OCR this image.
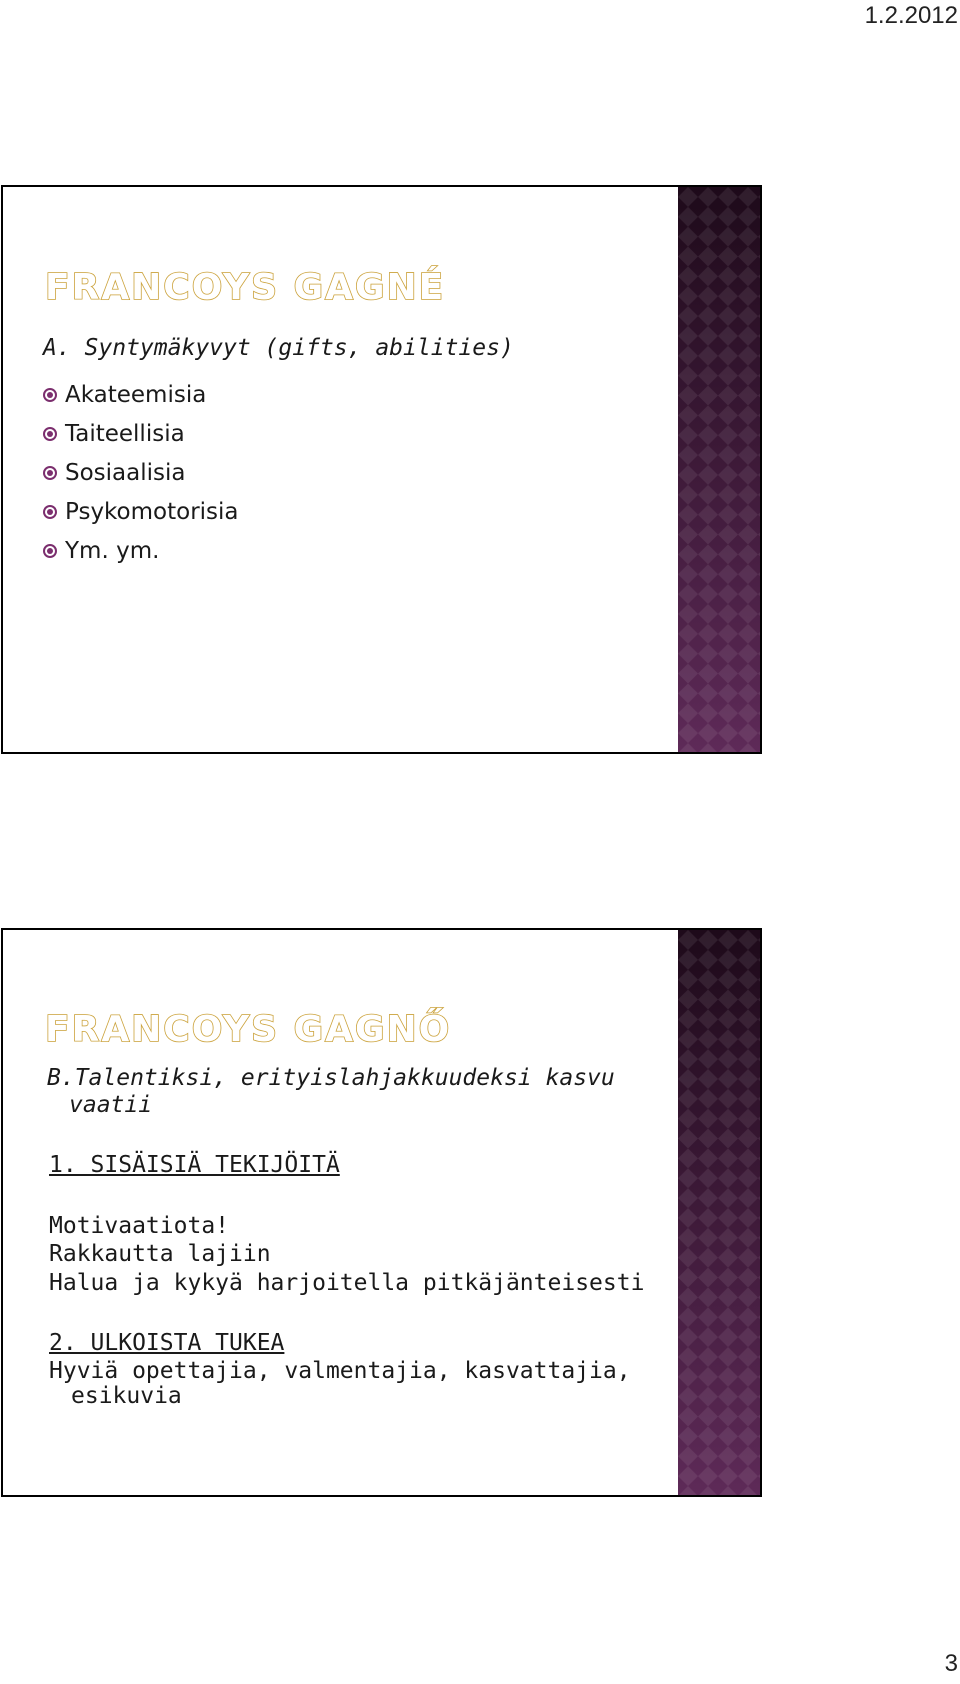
1.2.2012
FRANCOYS GAGNÉ
A. Syntymäkyvyt (gifts, abilities)
Akateemisia
Taiteellisia
Sosiaalisia
Psykomotorisia
Ym. ym.
FRANCOYS GAGNŐ
B.Talentiksi, erityislahjakkuudeksi kasvu
vaatii
1. SISÄISIÄ TEKIJÖITÄ
Motivaatiota!
Rakkautta lajiin
Halua ja kykyä harjoitella pitkäjänteisesti
2. ULKOISTA TUKEA
Hyviä opettajia, valmentajia, kasvattajia,
esikuvia
3
